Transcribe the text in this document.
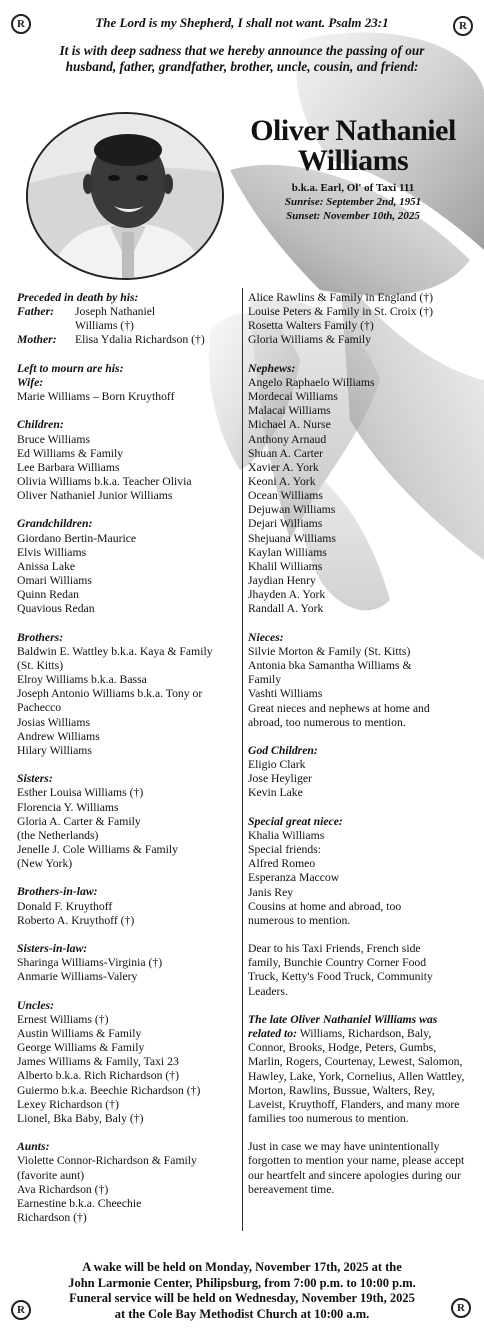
R	R
R	R
The Lord is my Shepherd, I shall not want. Psalm 23:1
It is with deep sadness that we hereby announce the passing of our husband, father, grandfather, brother, uncle, cousin, and friend:
Oliver Nathaniel
Williams
b.k.a. Earl, Ol' of Taxi 111
Sunrise: September 2nd, 1951
Sunset: November 10th, 2025
Preceded in death by his:
Father:	Joseph Nathaniel
Williams (†)
Mother:	Elisa Ydalia Richardson (†)
Left to mourn are his:
Wife:
Marie Williams – Born Kruythoff
Children:
Bruce Williams
Ed Williams & Family
Lee Barbara Williams
Olivia Williams b.k.a. Teacher Olivia
Oliver Nathaniel Junior Williams
Grandchildren:
Giordano Bertin-Maurice
Elvis Williams
Anissa Lake
Omari Williams
Quinn Redan
Quavious Redan
Brothers:
Baldwin E. Wattley b.k.a. Kaya & Family
(St. Kitts)
Elroy Williams b.k.a. Bassa
Joseph Antonio Williams b.k.a. Tony or
Pachecco
Josias Williams
Andrew Williams
Hilary Williams
Sisters:
Esther Louisa Williams (†)
Florencia Y. Williams
Gloria A. Carter & Family
(the Netherlands)
Jenelle J. Cole Williams & Family
(New York)
Brothers-in-law:
Donald F. Kruythoff
Roberto A. Kruythoff (†)
Sisters-in-law:
Sharinga Williams-Virginia (†)
Anmarie Williams-Valery
Uncles:
Ernest Williams (†)
Austin Williams & Family
George Williams & Family
James Williams & Family, Taxi 23
Alberto b.k.a. Rich Richardson (†)
Guiermo b.k.a. Beechie Richardson (†)
Lexey Richardson (†)
Lionel, Bka Baby, Baly (†)
Aunts:
Violette Connor-Richardson & Family
(favorite aunt)
Ava Richardson (†)
Earnestine b.k.a. Cheechie
Richardson (†)
Alice Rawlins & Family in England (†)
Louise Peters & Family in St. Croix (†)
Rosetta Walters Family (†)
Gloria Williams & Family
Nephews:
Angelo Raphaelo Williams
Mordecai Williams
Malacai Williams
Michael A. Nurse
Anthony Arnaud
Shuan A. Carter
Xavier A. York
Keoni A. York
Ocean Williams
Dejuwan Williams
Dejari Williams
Shejuana Williams
Kaylan Williams
Khalil Williams
Jaydian Henry
Jhayden A. York
Randall A. York
Nieces:
Silvie Morton & Family (St. Kitts)
Antonia bka Samantha Williams &
Family
Vashti Williams
Great nieces and nephews at home and
abroad, too numerous to mention.
God Children:
Eligio Clark
Jose Heyliger
Kevin Lake
Special great niece:
Khalia Williams
Special friends:
Alfred Romeo
Esperanza Maccow
Janis Rey
Cousins at home and abroad, too
numerous to mention.
Dear to his Taxi Friends, French side
family, Bunchie Country Corner Food
Truck, Ketty's Food Truck, Community
Leaders.
The late Oliver Nathaniel Williams was related to: Williams, Richardson, Baly, Connor, Brooks, Hodge, Peters, Gumbs, Marlin, Rogers, Courtenay, Lewest, Salomon, Hawley, Lake, York, Cornelius, Allen Wattley, Morton, Rawlins, Bussue, Walters, Rey, Laveist, Kruythoff, Flanders, and many more families too numerous to mention.
Just in case we may have unintentionally forgotten to mention your name, please accept our heartfelt and sincere apologies during our bereavement time.
A wake will be held on Monday, November 17th, 2025 at the
John Larmonie Center, Philipsburg, from 7:00 p.m. to 10:00 p.m.
Funeral service will be held on Wednesday, November 19th, 2025
at the Cole Bay Methodist Church at 10:00 a.m.
